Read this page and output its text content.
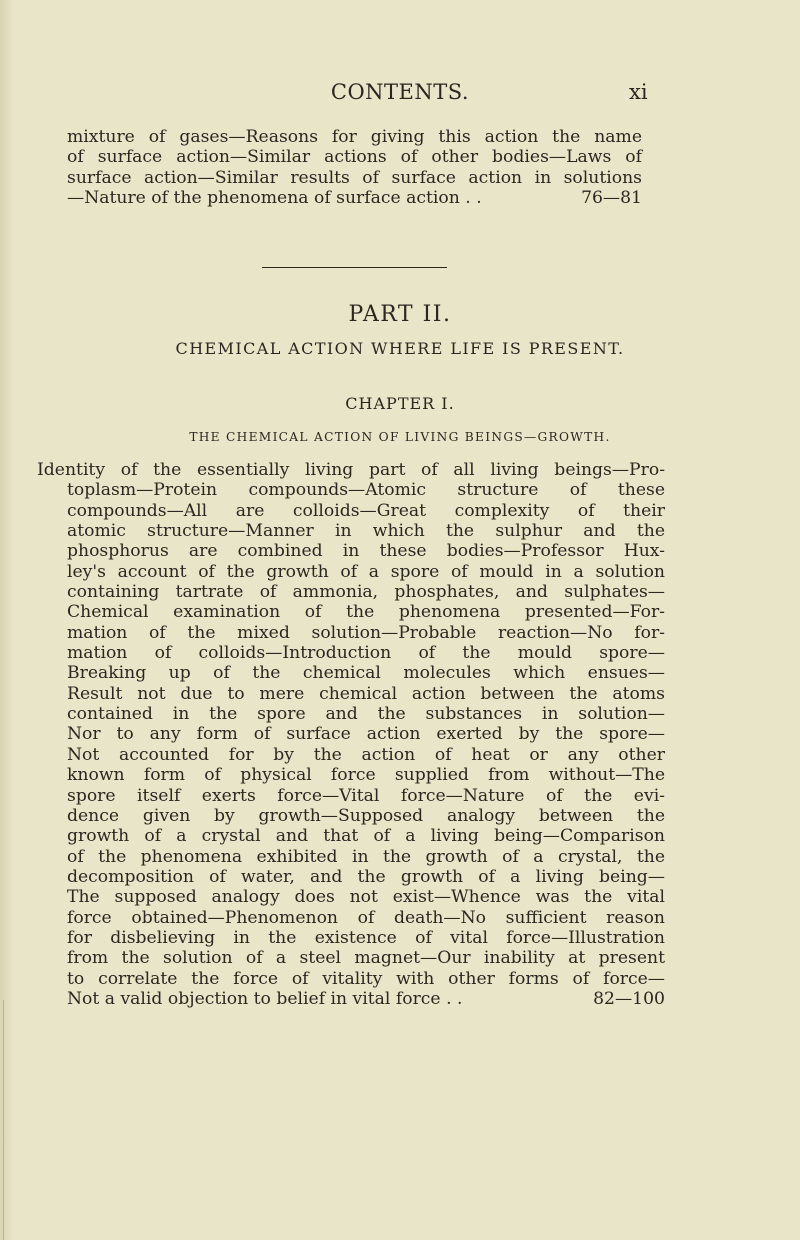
CONTENTS.	xi
mixture of gases—Reasons for giving this action the name
of surface action—Similar actions of other bodies—Laws of
surface action—Similar results of surface action in solutions
—Nature of the phenomena of surface action . .	76—81
PART II.
CHEMICAL ACTION WHERE LIFE IS PRESENT.
CHAPTER I.
THE CHEMICAL ACTION OF LIVING BEINGS—GROWTH.
Identity of the essentially living part of all living beings—Pro-
toplasm—Protein compounds—Atomic structure of these
compounds—All are colloids—Great complexity of their
atomic structure—Manner in which the sulphur and the
phosphorus are combined in these bodies—Professor Hux-
ley's account of the growth of a spore of mould in a solution
containing tartrate of ammonia, phosphates, and sulphates—
Chemical examination of the phenomena presented—For-
mation of the mixed solution—Probable reaction—No for-
mation of colloids—Introduction of the mould spore—
Breaking up of the chemical molecules which ensues—
Result not due to mere chemical action between the atoms
contained in the spore and the substances in solution—
Nor to any form of surface action exerted by the spore—
Not accounted for by the action of heat or any other
known form of physical force supplied from without—The
spore itself exerts force—Vital force—Nature of the evi-
dence given by growth—Supposed analogy between the
growth of a crystal and that of a living being—Comparison
of the phenomena exhibited in the growth of a crystal, the
decomposition of water, and the growth of a living being—
The supposed analogy does not exist—Whence was the vital
force obtained—Phenomenon of death—No sufficient reason
for disbelieving in the existence of vital force—Illustration
from the solution of a steel magnet—Our inability at present
to correlate the force of vitality with other forms of force—
Not a valid objection to belief in vital force . .	82—100
